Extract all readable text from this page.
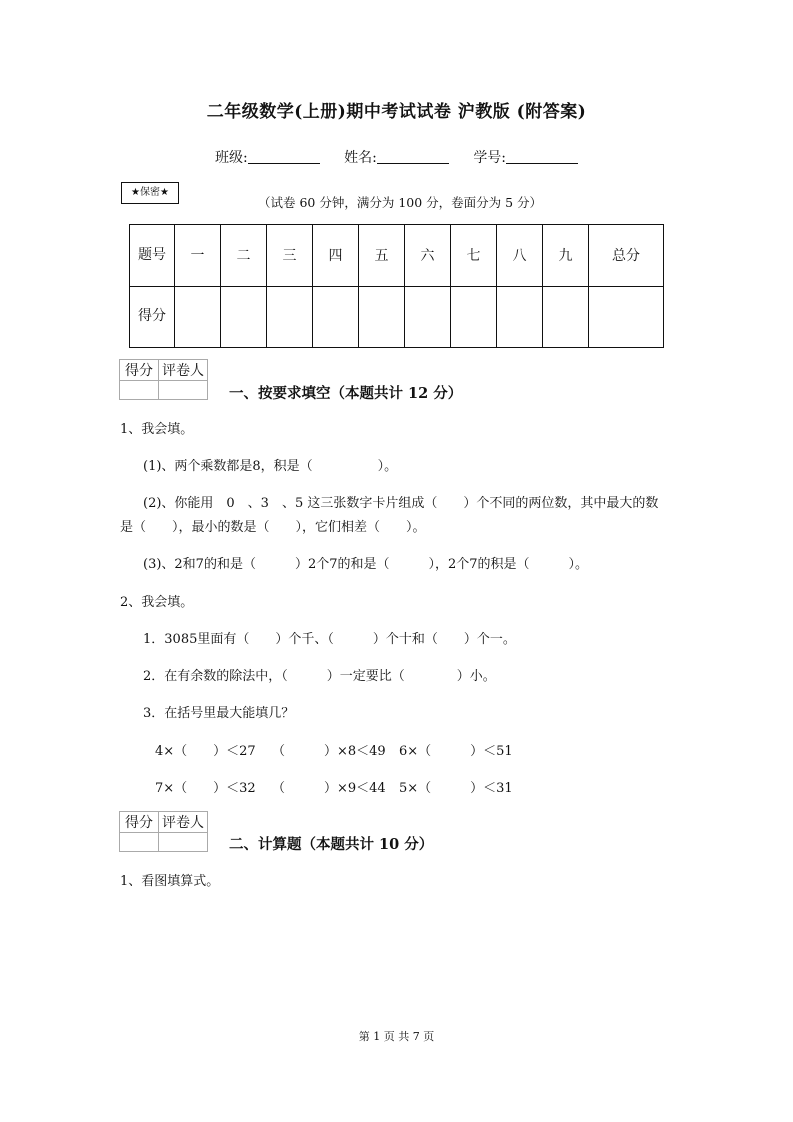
二年级数学(上册)期中考试试卷 沪教版 (附答案)
班级:	姓名:	学号:
★保密★
（试卷 60 分钟，满分为 100 分，卷面分为 5 分）
题号	一	二	三	四	五	六	七	八	九	总分
得分										
得分	评卷人

一、按要求填空（本题共计 12 分）
1、我会填。
(1)、两个乘数都是8，积是（　　　　　）。
(2)、你能用　0　、3　、5 这三张数字卡片组成（　　）个不同的两位数，其中最大的数
是（　　），最小的数是（　　），它们相差（　　）。
(3)、2和7的和是（　　　）2个7的和是（　　　），2个7的积是（　　　）。
2、我会填。
1．3085里面有（　　）个千、（　　　）个十和（　　）个一。
2．在有余数的除法中，（　　　）一定要比（　　　　）小。
3．在括号里最大能填几？
4×（　　）＜27 （　　　）×8＜49 6×（　　　）＜51
7×（　　）＜32 （　　　）×9＜44 5×（　　　）＜31
得分	评卷人

二、计算题（本题共计 10 分）
1、看图填算式。
第 1 页 共 7 页
